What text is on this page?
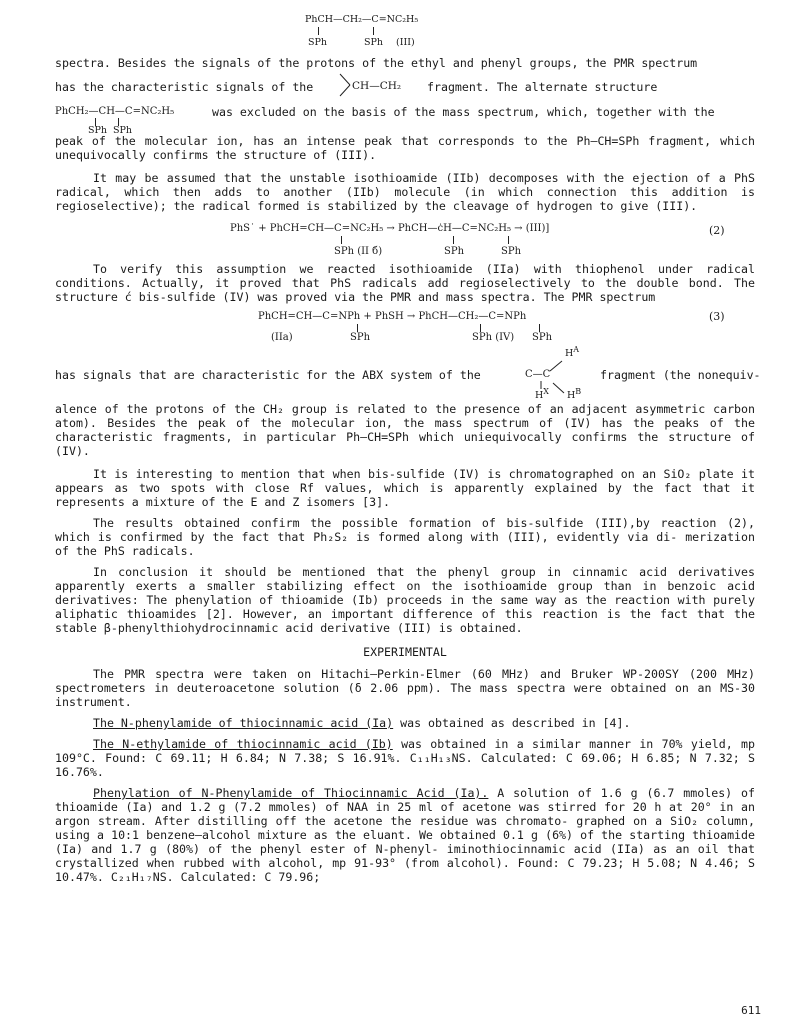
PhCH—CH₂—C=NC₂H₅
SPh	SPh (III)

spectra. Besides the signals of the protons of the ethyl and phenyl groups, the PMR spectrum

has the characteristic signals of the	CH—CH₂ fragment. The alternate structure
PhCH₂—CH—C=NC₂H₅
SPh SPh
was excluded on the basis of the mass spectrum, which, together with the

peak of the molecular ion, has an intense peak that corresponds to the Ph—CH=SPh fragment, which unequivocally confirms the structure of (III).

It may be assumed that the unstable isothioamide (IIb) decomposes with the ejection of a PhS radical, which then adds to another (IIb) molecule (in which connection this addition is regioselective); the radical formed is stabilized by the cleavage of hydrogen to give (III).

PhS˙ + PhCH=CH—C=NC₂H₅ → PhCH—ċH—C=NC₂H₅ → (III)]
SPh (II б)	SPh	SPh
(2)

To verify this assumption we reacted isothioamide (IIa) with thiophenol under radical conditions. Actually, it proved that PhS radicals add regioselectively to the double bond. The structure ć bis-sulfide (IV) was proved via the PMR and mass spectra. The PMR spectrum

PhCH=CH—C=NPh + PhSH → PhCH—CH₂—C=NPh
(IIa)	SPh	SPh (IV) SPh
(3)
has signals that are characteristic for the ABX system of the
$H^A$
C—C
$H^X$ $H^B$
fragment (the nonequiv-

alence of the protons of the CH₂ group is related to the presence of an adjacent asymmetric carbon atom). Besides the peak of the molecular ion, the mass spectrum of (IV) has the peaks of the characteristic fragments, in particular Ph—CH=SPh which uniequivocally confirms the structure of (IV).

It is interesting to mention that when bis-sulfide (IV) is chromatographed on an SiO₂ plate it appears as two spots with close Rf values, which is apparently explained by the fact that it represents a mixture of the E and Z isomers [3].

The results obtained confirm the possible formation of bis-sulfide (III),by reaction (2), which is confirmed by the fact that Ph₂S₂ is formed along with (III), evidently via di- merization of the PhS radicals.

In conclusion it should be mentioned that the phenyl group in cinnamic acid derivatives apparently exerts a smaller stabilizing effect on the isothioamide group than in benzoic acid derivatives: The phenylation of thioamide (Ib) proceeds in the same way as the reaction with purely aliphatic thioamides [2]. However, an important difference of this reaction is the fact that the stable β-phenylthiohydrocinnamic acid derivative (III) is obtained.

EXPERIMENTAL

The PMR spectra were taken on Hitachi—Perkin-Elmer (60 MHz) and Bruker WP-200SY (200 MHz) spectrometers in deuteroacetone solution (δ 2.06 ppm). The mass spectra were obtained on an MS-30 instrument.

The N-phenylamide of thiocinnamic acid (Ia) was obtained as described in [4].

The N-ethylamide of thiocinnamic acid (Ib) was obtained in a similar manner in 70% yield, mp 109°C. Found: C 69.11; H 6.84; N 7.38; S 16.91%. C₁₁H₁₃NS. Calculated: C 69.06; H 6.85; N 7.32; S 16.76%.

Phenylation of N-Phenylamide of Thiocinnamic Acid (Ia). A solution of 1.6 g (6.7 mmoles) of thioamide (Ia) and 1.2 g (7.2 mmoles) of NAA in 25 ml of acetone was stirred for 20 h at 20° in an argon stream. After distilling off the acetone the residue was chromato- graphed on a SiO₂ column, using a 10:1 benzene—alcohol mixture as the eluant. We obtained 0.1 g (6%) of the starting thioamide (Ia) and 1.7 g (80%) of the phenyl ester of N-phenyl- iminothiocinnamic acid (IIa) as an oil that crystallized when rubbed with alcohol, mp 91-93° (from alcohol). Found: C 79.23; H 5.08; N 4.46; S 10.47%. C₂₁H₁₇NS. Calculated: C 79.96;

611
